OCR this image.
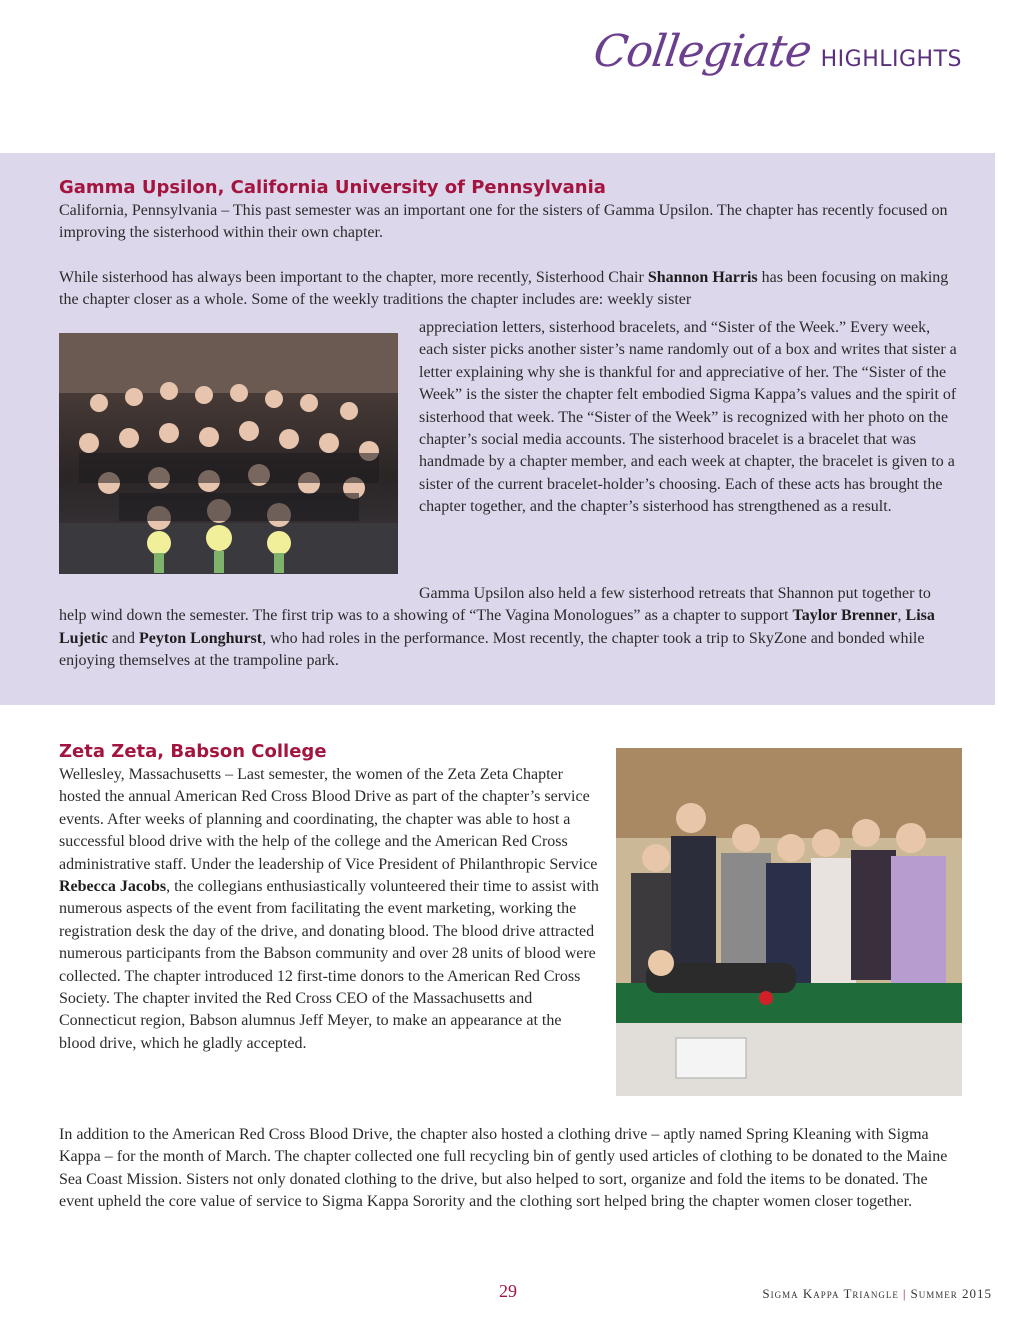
Collegiate HIGHLIGHTS
Gamma Upsilon, California University of Pennsylvania

California, Pennsylvania – This past semester was an important one for the sisters of Gamma Upsilon. The chapter has recently focused on improving the sisterhood within their own chapter.

While sisterhood has always been important to the chapter, more recently, Sisterhood Chair Shannon Harris has been focusing on making the chapter closer as a whole. Some of the weekly traditions the chapter includes are: weekly sister

appreciation letters, sisterhood bracelets, and “Sister of the Week.” Every week, each sister picks another sister’s name randomly out of a box and writes that sister a letter explaining why she is thankful for and appreciative of her. The “Sister of the Week” is the sister the chapter felt embodied Sigma Kappa’s values and the spirit of sisterhood that week. The “Sister of the Week” is recognized with her photo on the chapter’s social media accounts. The sisterhood bracelet is a bracelet that was handmade by a chapter member, and each week at chapter, the bracelet is given to a sister of the current bracelet-holder’s choosing. Each of these acts has brought the chapter together, and the chapter’s sisterhood has strengthened as a result.

Gamma Upsilon also held a few sisterhood retreats that Shannon put together to help wind down the semester. The first trip was to a showing of “The Vagina Monologues” as a chapter to support Taylor Brenner, Lisa Lujetic and Peyton Longhurst, who had roles in the performance. Most recently, the chapter took a trip to SkyZone and bonded while enjoying themselves at the trampoline park.

Zeta Zeta, Babson College

Wellesley, Massachusetts – Last semester, the women of the Zeta Zeta Chapter hosted the annual American Red Cross Blood Drive as part of the chapter’s service events. After weeks of planning and coordinating, the chapter was able to host a successful blood drive with the help of the college and the American Red Cross administrative staff. Under the leadership of Vice President of Philanthropic Service Rebecca Jacobs, the collegians enthusiastically volunteered their time to assist with numerous aspects of the event from facilitating the event marketing, working the registration desk the day of the drive, and donating blood. The blood drive attracted numerous participants from the Babson community and over 28 units of blood were collected. The chapter introduced 12 first-time donors to the American Red Cross Society. The chapter invited the Red Cross CEO of the Massachusetts and Connecticut region, Babson alumnus Jeff Meyer, to make an appearance at the blood drive, which he gladly accepted.

In addition to the American Red Cross Blood Drive, the chapter also hosted a clothing drive – aptly named Spring Kleaning with Sigma Kappa – for the month of March. The chapter collected one full recycling bin of gently used articles of clothing to be donated to the Maine Sea Coast Mission. Sisters not only donated clothing to the drive, but also helped to sort, organize and fold the items to be donated. The event upheld the core value of service to Sigma Kappa Sorority and the clothing sort helped bring the chapter women closer together.

29	Sigma Kappa Triangle | Summer 2015
